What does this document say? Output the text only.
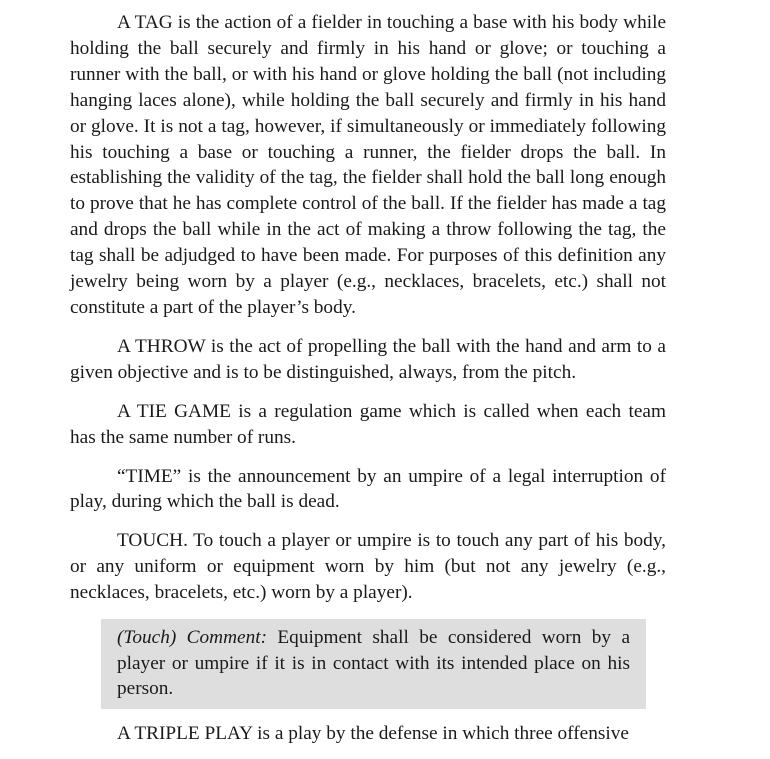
A TAG is the action of a fielder in touching a base with his body while holding the ball securely and firmly in his hand or glove; or touching a runner with the ball, or with his hand or glove holding the ball (not including hanging laces alone), while holding the ball securely and firmly in his hand or glove. It is not a tag, however, if simultaneously or immediately following his touching a base or touching a runner, the fielder drops the ball. In establishing the validity of the tag, the fielder shall hold the ball long enough to prove that he has complete control of the ball. If the fielder has made a tag and drops the ball while in the act of making a throw following the tag, the tag shall be adjudged to have been made. For purposes of this definition any jewelry being worn by a player (e.g., necklaces, bracelets, etc.) shall not constitute a part of the player’s body.

A THROW is the act of propelling the ball with the hand and arm to a given objective and is to be distinguished, always, from the pitch.

A TIE GAME is a regulation game which is called when each team has the same number of runs.

“TIME” is the announcement by an umpire of a legal interruption of play, during which the ball is dead.

TOUCH. To touch a player or umpire is to touch any part of his body, or any uniform or equipment worn by him (but not any jewelry (e.g., necklaces, bracelets, etc.) worn by a player).

(Touch) Comment: Equipment shall be considered worn by a player or umpire if it is in contact with its intended place on his person.

A TRIPLE PLAY is a play by the defense in which three offensive
